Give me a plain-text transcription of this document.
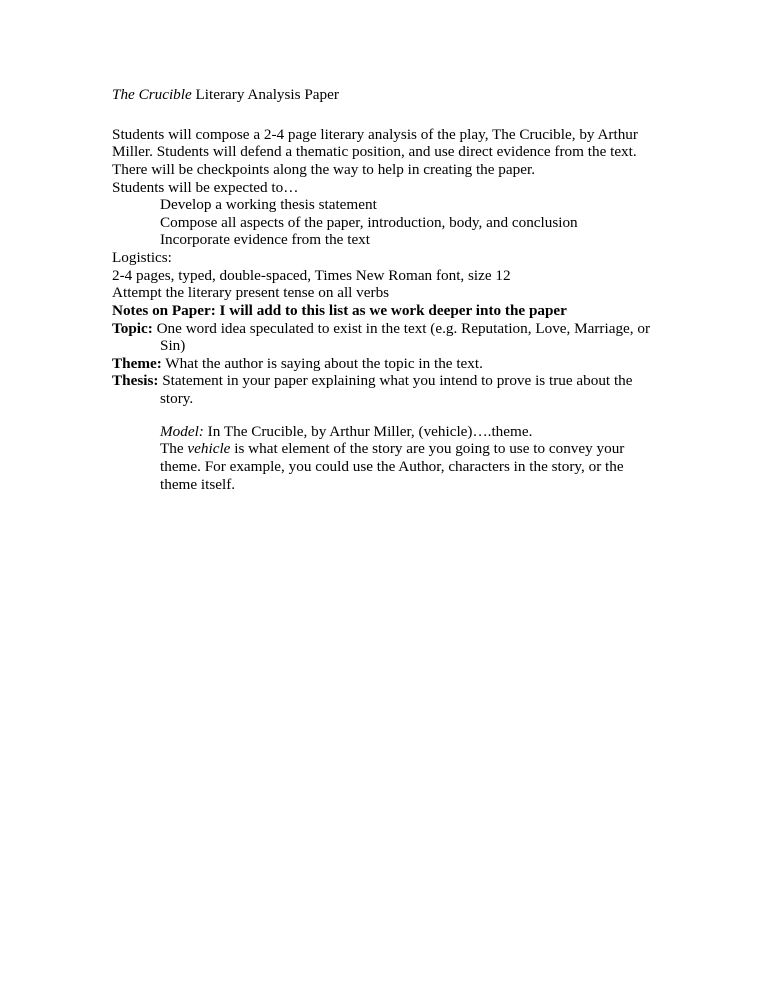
The Crucible Literary Analysis Paper

Students will compose a 2-4 page literary analysis of the play, The Crucible, by Arthur Miller. Students will defend a thematic position, and use direct evidence from the text. There will be checkpoints along the way to help in creating the paper.

Students will be expected to…

Develop a working thesis statement
Compose all aspects of the paper, introduction, body, and conclusion
Incorporate evidence from the text

Logistics:

2-4 pages, typed, double-spaced, Times New Roman font, size 12

Attempt the literary present tense on all verbs

Notes on Paper: I will add to this list as we work deeper into the paper

Topic: One word idea speculated to exist in the text (e.g. Reputation, Love, Marriage, or Sin)

Theme: What the author is saying about the topic in the text.

Thesis: Statement in your paper explaining what you intend to prove is true about the story.

Model: In The Crucible, by Arthur Miller, (vehicle)….theme.

The vehicle is what element of the story are you going to use to convey your theme. For example, you could use the Author, characters in the story, or the theme itself.
